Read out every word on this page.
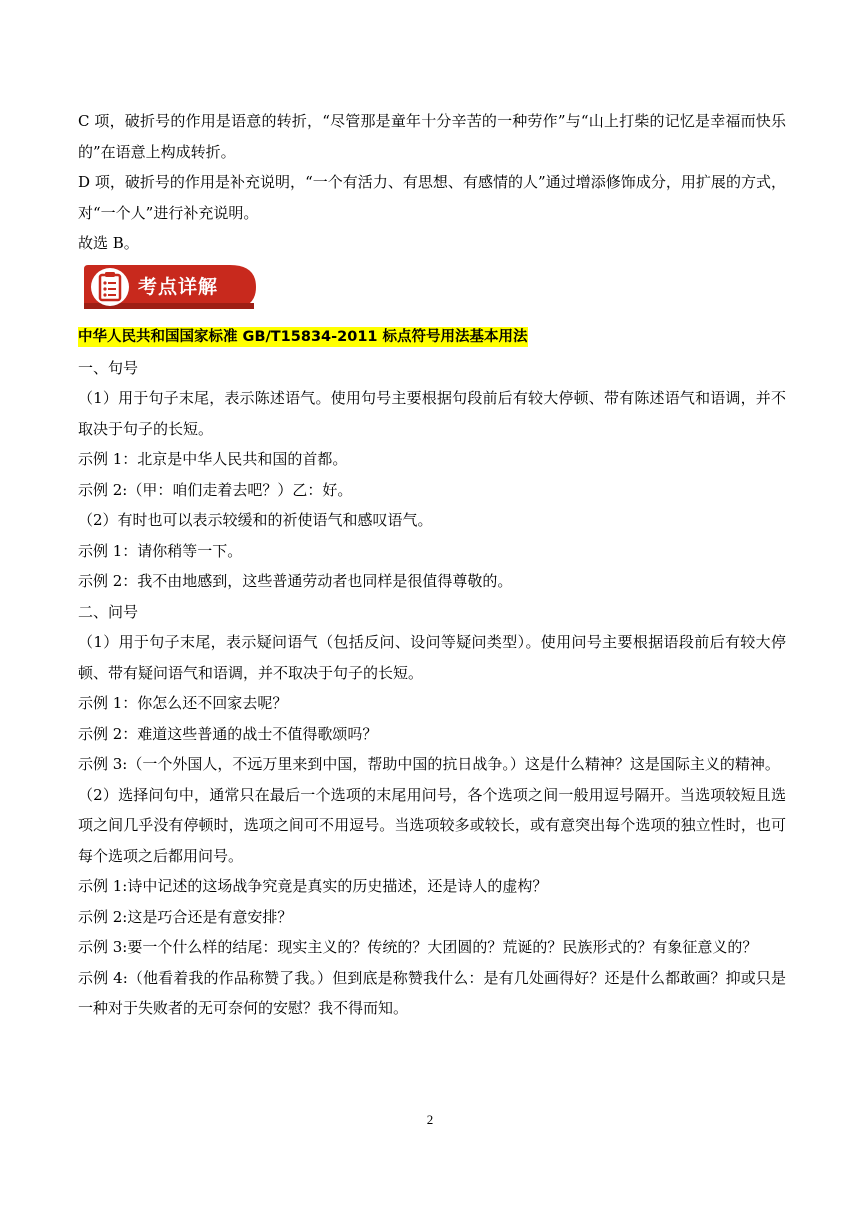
C 项，破折号的作用是语意的转折，“尽管那是童年十分辛苦的一种劳作”与“山上打柴的记忆是幸福而快乐的”在语意上构成转折。

D 项，破折号的作用是补充说明，“一个有活力、有思想、有感情的人”通过增添修饰成分，用扩展的方式，对“一个人”进行补充说明。

故选 B。

考点详解
中华人民共和国国家标准 GB/T15834-2011 标点符号用法基本用法

一、句号

（1）用于句子末尾，表示陈述语气。使用句号主要根据句段前后有较大停顿、带有陈述语气和语调，并不取决于句子的长短。

示例 1：北京是中华人民共和国的首都。

示例 2:（甲：咱们走着去吧？）乙：好。

（2）有时也可以表示较缓和的祈使语气和感叹语气。

示例 1：请你稍等一下。

示例 2：我不由地感到，这些普通劳动者也同样是很值得尊敬的。

二、问号

（1）用于句子末尾，表示疑问语气（包括反问、设问等疑问类型）。使用问号主要根据语段前后有较大停顿、带有疑问语气和语调，并不取决于句子的长短。

示例 1：你怎么还不回家去呢？

示例 2：难道这些普通的战士不值得歌颂吗？

示例 3:（一个外国人，不远万里来到中国，帮助中国的抗日战争。）这是什么精神？这是国际主义的精神。

（2）选择问句中，通常只在最后一个选项的末尾用问号，各个选项之间一般用逗号隔开。当选项较短且选项之间几乎没有停顿时，选项之间可不用逗号。当选项较多或较长，或有意突出每个选项的独立性时，也可每个选项之后都用问号。

示例 1:诗中记述的这场战争究竟是真实的历史描述，还是诗人的虚构？

示例 2:这是巧合还是有意安排？

示例 3:要一个什么样的结尾：现实主义的？传统的？大团圆的？荒诞的？民族形式的？有象征意义的？

示例 4:（他看着我的作品称赞了我。）但到底是称赞我什么：是有几处画得好？还是什么都敢画？抑或只是一种对于失败者的无可奈何的安慰？我不得而知。

2
